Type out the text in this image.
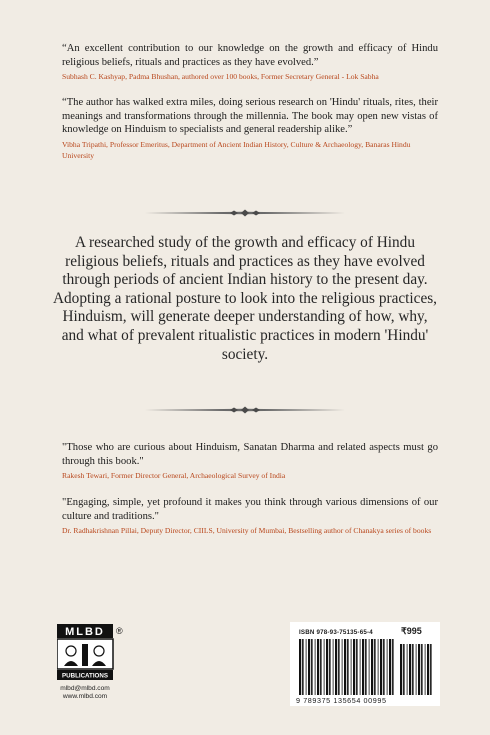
“An excellent contribution to our knowledge on the growth and efficacy of Hindu religious beliefs, rituals and practices as they have evolved.”
Subhash C. Kashyap, Padma Bhushan, authored over 100 books, Former Secretary General - Lok Sabha
“The author has walked extra miles, doing serious research on 'Hindu' rituals, rites, their meanings and transformations through the millennia. The book may open new vistas of knowledge on Hinduism to specialists and general readership alike.”
Vibha Tripathi, Professor Emeritus, Department of Ancient Indian History, Culture & Archaeology, Banaras Hindu University

A researched study of the growth and efficacy of Hindu religious beliefs, rituals and practices as they have evolved through periods of ancient Indian history to the present day.

Adopting a rational posture to look into the religious practices, Hinduism, will generate deeper understanding of how, why, and what of prevalent ritualistic practices in modern 'Hindu' society.

"Those who are curious about Hinduism, Sanatan Dharma and related aspects must go through this book."
Rakesh Tewari, Former Director General, Archaeological Survey of India
"Engaging, simple, yet profound it makes you think through various dimensions of our culture and traditions."
Dr. Radhakrishnan Pillai, Deputy Director, CIILS, University of Mumbai, Bestselling author of Chanakya series of books
MLBD ®
PUBLICATIONS
mlbd@mlbd.com
www.mlbd.com
ISBN 978-93-75135-65-4	₹995
9 789375 135654 00995
